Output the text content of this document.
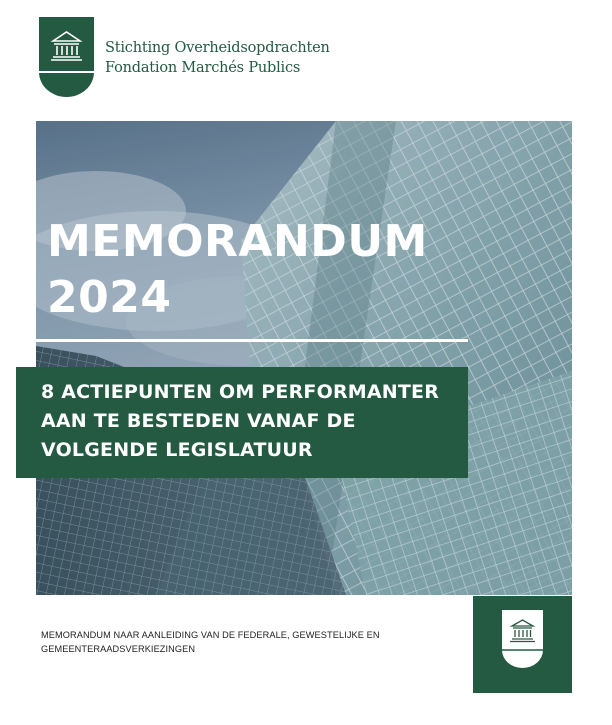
Stichting Overheidsopdrachten
Fondation Marchés Publics
MEMORANDUM
2024
8 ACTIEPUNTEN OM PERFORMANTER
AAN TE BESTEDEN VANAF DE
VOLGENDE LEGISLATUUR
MEMORANDUM NAAR AANLEIDING VAN DE FEDERALE, GEWESTELIJKE EN GEMEENTERAADSVERKIEZINGEN
